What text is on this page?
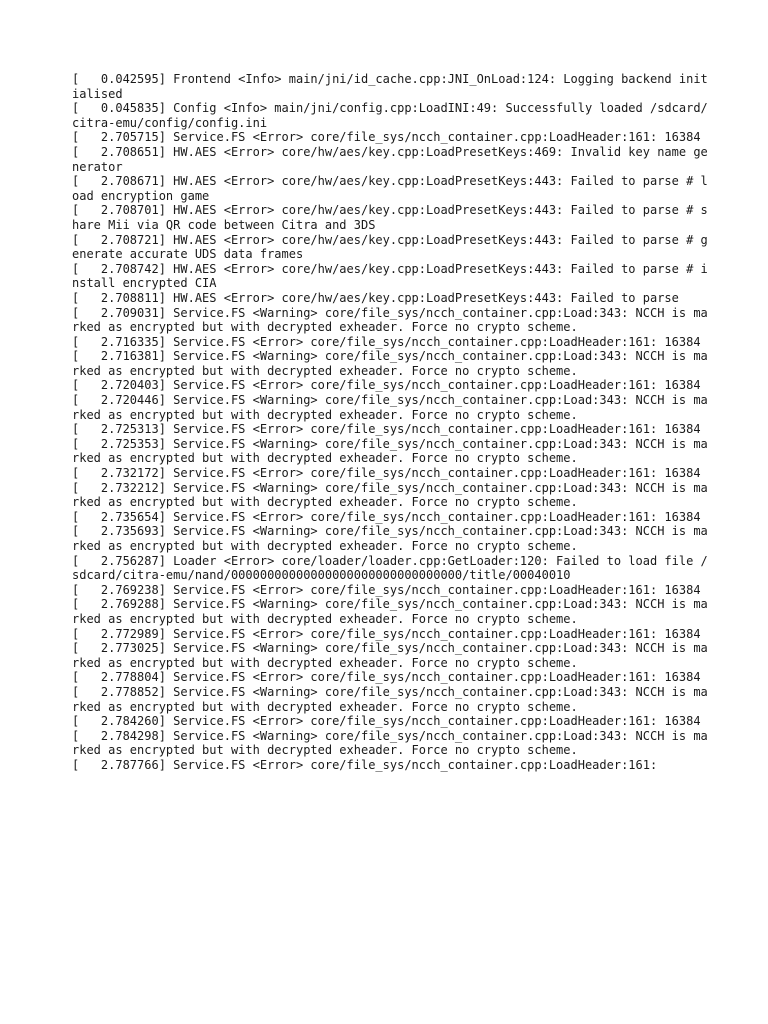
[   0.042595] Frontend <Info> main/jni/id_cache.cpp:JNI_OnLoad:124: Logging backend initialised
[   0.045835] Config <Info> main/jni/config.cpp:LoadINI:49: Successfully loaded /sdcard/citra-emu/config/config.ini
[   2.705715] Service.FS <Error> core/file_sys/ncch_container.cpp:LoadHeader:161: 16384
[   2.708651] HW.AES <Error> core/hw/aes/key.cpp:LoadPresetKeys:469: Invalid key name generator
[   2.708671] HW.AES <Error> core/hw/aes/key.cpp:LoadPresetKeys:443: Failed to parse # load encryption game
[   2.708701] HW.AES <Error> core/hw/aes/key.cpp:LoadPresetKeys:443: Failed to parse # share Mii via QR code between Citra and 3DS
[   2.708721] HW.AES <Error> core/hw/aes/key.cpp:LoadPresetKeys:443: Failed to parse # generate accurate UDS data frames
[   2.708742] HW.AES <Error> core/hw/aes/key.cpp:LoadPresetKeys:443: Failed to parse # install encrypted CIA
[   2.708811] HW.AES <Error> core/hw/aes/key.cpp:LoadPresetKeys:443: Failed to parse
[   2.709031] Service.FS <Warning> core/file_sys/ncch_container.cpp:Load:343: NCCH is marked as encrypted but with decrypted exheader. Force no crypto scheme.
[   2.716335] Service.FS <Error> core/file_sys/ncch_container.cpp:LoadHeader:161: 16384
[   2.716381] Service.FS <Warning> core/file_sys/ncch_container.cpp:Load:343: NCCH is marked as encrypted but with decrypted exheader. Force no crypto scheme.
[   2.720403] Service.FS <Error> core/file_sys/ncch_container.cpp:LoadHeader:161: 16384
[   2.720446] Service.FS <Warning> core/file_sys/ncch_container.cpp:Load:343: NCCH is marked as encrypted but with decrypted exheader. Force no crypto scheme.
[   2.725313] Service.FS <Error> core/file_sys/ncch_container.cpp:LoadHeader:161: 16384
[   2.725353] Service.FS <Warning> core/file_sys/ncch_container.cpp:Load:343: NCCH is marked as encrypted but with decrypted exheader. Force no crypto scheme.
[   2.732172] Service.FS <Error> core/file_sys/ncch_container.cpp:LoadHeader:161: 16384
[   2.732212] Service.FS <Warning> core/file_sys/ncch_container.cpp:Load:343: NCCH is marked as encrypted but with decrypted exheader. Force no crypto scheme.
[   2.735654] Service.FS <Error> core/file_sys/ncch_container.cpp:LoadHeader:161: 16384
[   2.735693] Service.FS <Warning> core/file_sys/ncch_container.cpp:Load:343: NCCH is marked as encrypted but with decrypted exheader. Force no crypto scheme.
[   2.756287] Loader <Error> core/loader/loader.cpp:GetLoader:120: Failed to load file /sdcard/citra-emu/nand/00000000000000000000000000000000/title/00040010
[   2.769238] Service.FS <Error> core/file_sys/ncch_container.cpp:LoadHeader:161: 16384
[   2.769288] Service.FS <Warning> core/file_sys/ncch_container.cpp:Load:343: NCCH is marked as encrypted but with decrypted exheader. Force no crypto scheme.
[   2.772989] Service.FS <Error> core/file_sys/ncch_container.cpp:LoadHeader:161: 16384
[   2.773025] Service.FS <Warning> core/file_sys/ncch_container.cpp:Load:343: NCCH is marked as encrypted but with decrypted exheader. Force no crypto scheme.
[   2.778804] Service.FS <Error> core/file_sys/ncch_container.cpp:LoadHeader:161: 16384
[   2.778852] Service.FS <Warning> core/file_sys/ncch_container.cpp:Load:343: NCCH is marked as encrypted but with decrypted exheader. Force no crypto scheme.
[   2.784260] Service.FS <Error> core/file_sys/ncch_container.cpp:LoadHeader:161: 16384
[   2.784298] Service.FS <Warning> core/file_sys/ncch_container.cpp:Load:343: NCCH is marked as encrypted but with decrypted exheader. Force no crypto scheme.
[   2.787766] Service.FS <Error> core/file_sys/ncch_container.cpp:LoadHeader:161:
